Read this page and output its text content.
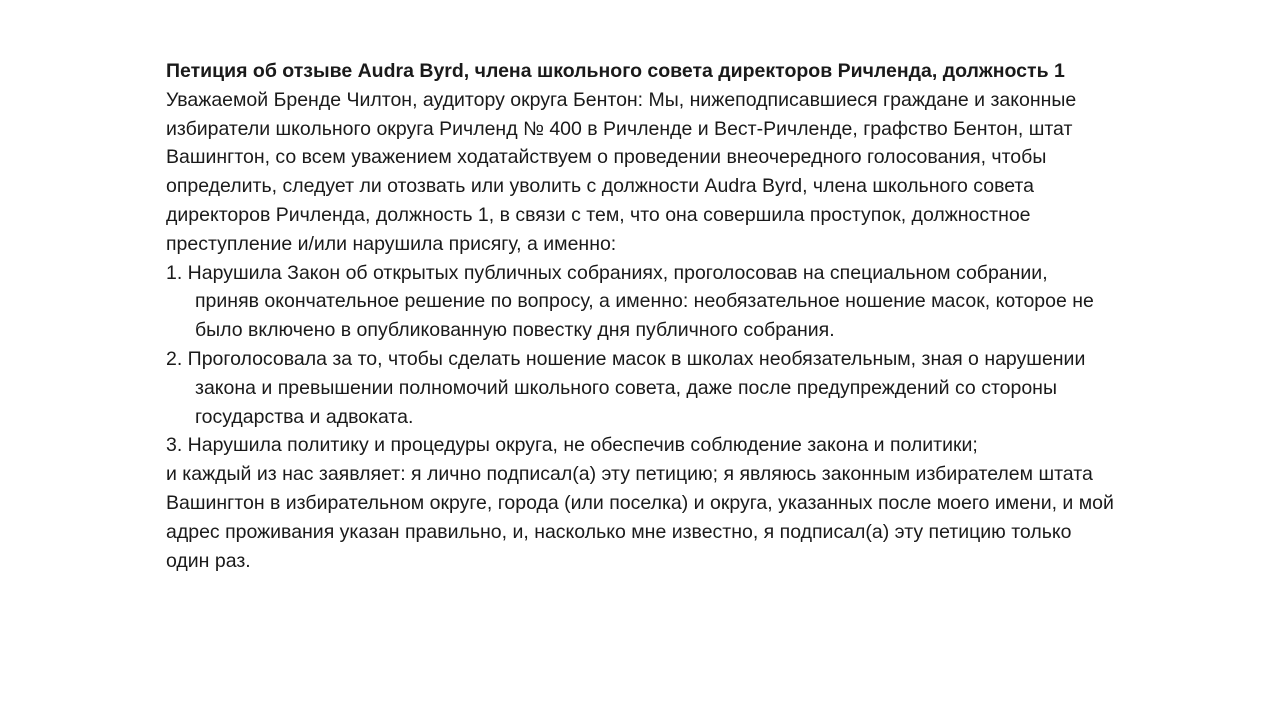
Петиция об отзыве Audra Byrd, члена школьного совета директоров Ричленда, должность 1

Уважаемой Бренде Чилтон, аудитору округа Бентон: Мы, нижеподписавшиеся граждане и законные избиратели школьного округа Ричленд № 400 в Ричленде и Вест-Ричленде, графство Бентон, штат Вашингтон, со всем уважением ходатайствуем о проведении внеочередного голосования, чтобы определить, следует ли отозвать или уволить с должности Audra Byrd, члена школьного совета директоров Ричленда, должность 1, в связи с тем, что она совершила проступок, должностное преступление и/или нарушила присягу, а именно:

1. Нарушила Закон об открытых публичных собраниях, проголосовав на специальном собрании, приняв окончательное решение по вопросу, а именно: необязательное ношение масок, которое не было включено в опубликованную повестку дня публичного собрания.

2. Проголосовала за то, чтобы сделать ношение масок в школах необязательным, зная о нарушении закона и превышении полномочий школьного совета, даже после предупреждений со стороны государства и адвоката.

3. Нарушила политику и процедуры округа, не обеспечив соблюдение закона и политики;

и каждый из нас заявляет: я лично подписал(а) эту петицию; я являюсь законным избирателем штата Вашингтон в избирательном округе, города (или поселка) и округа, указанных после моего имени, и мой адрес проживания указан правильно, и, насколько мне известно, я подписал(а) эту петицию только один раз.
